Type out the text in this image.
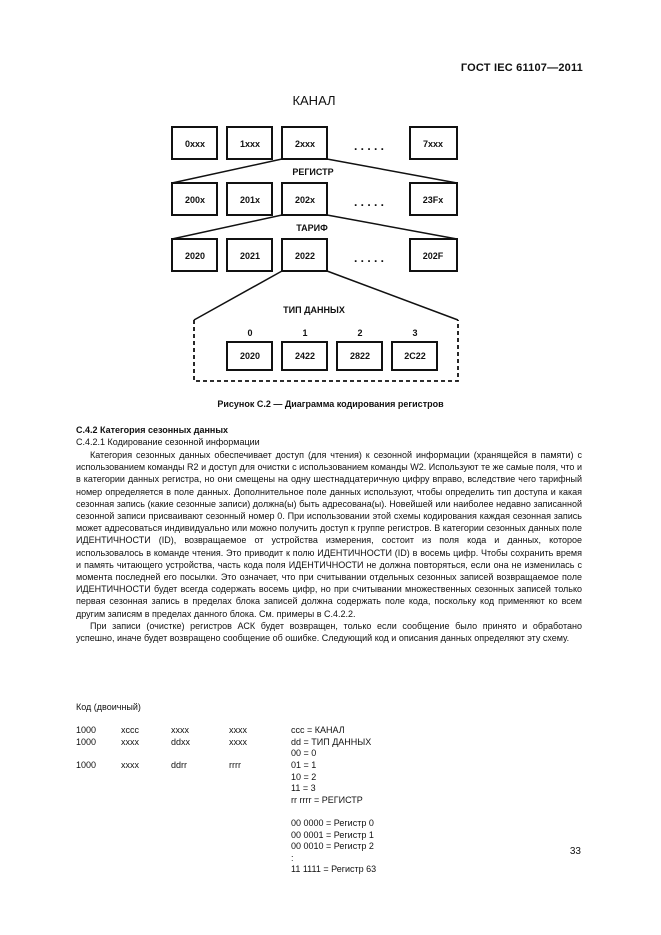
ГОСТ IEC 61107—2011
КАНАЛ
0xxx	1xxx	2xxx	7xxx
. . . . .
РЕГИСТР
200x	201x	202x	23Fx
. . . . .
ТАРИФ
2020	2021	2022	202F
. . . . .
ТИП ДАННЫХ
0	1	2	3
2020	2422	2822	2C22
Рисунок С.2 — Диаграмма кодирования регистров
С.4.2 Категория сезонных данных
С.4.2.1 Кодирование сезонной информации

Категория сезонных данных обеспечивает доступ (для чтения) к сезонной информации (хранящейся в памяти) с использованием команды R2 и доступ для очистки с использованием команды W2. Используют те же самые поля, что и в категории данных регистра, но они смещены на одну шестнадцатеричную цифру вправо, вследствие чего тарифный номер определяется в поле данных. Дополнительное поле данных используют, чтобы определить тип доступа и какая сезонная запись (какие сезонные записи) должна(ы) быть адресована(ы). Новейшей или наиболее недавно записанной сезонной записи присваивают сезонный номер 0. При использовании этой схемы кодирования каждая сезонная запись может адресоваться индивидуально или можно получить доступ к группе регистров. В категории сезонных данных поле ИДЕНТИЧНОСТИ (ID), возвращаемое от устройства измерения, состоит из поля кода и данных, которое использовалось в команде чтения. Это приводит к полю ИДЕНТИЧНОСТИ (ID) в восемь цифр. Чтобы сохранить время и память читающего устройства, часть кода поля ИДЕНТИЧНОСТИ не должна повторяться, если она не изменилась с момента последней его посылки. Это означает, что при считывании отдельных сезонных записей возвращаемое поле ИДЕНТИЧНОСТИ будет всегда содержать восемь цифр, но при считывании множественных сезонных записей только первая сезонная запись в пределах блока записей должна содержать поле кода, поскольку код применяют ко всем другим записям в пределах данного блока. См. примеры в С.4.2.2.

При записи (очистке) регистров АСК будет возвращен, только если сообщение было принято и обработано успешно, иначе будет возвращено сообщение об ошибке. Следующий код и описания данных определяют эту схему.

Код (двоичный)
1000	xccc	xxxx	xxxx	ccc = КАНАЛ
1000	xxxx	ddxx	xxxx	dd = ТИП ДАННЫХ
00 = 0
1000	xxxx	ddrr	rrrr	01 = 1
10 = 2
11 = 3
rr rrrr = РЕГИСТР
00 0000 = Регистр 0
00 0001 = Регистр 1
00 0010 = Регистр 2
:
11 1111 = Регистр 63
33
